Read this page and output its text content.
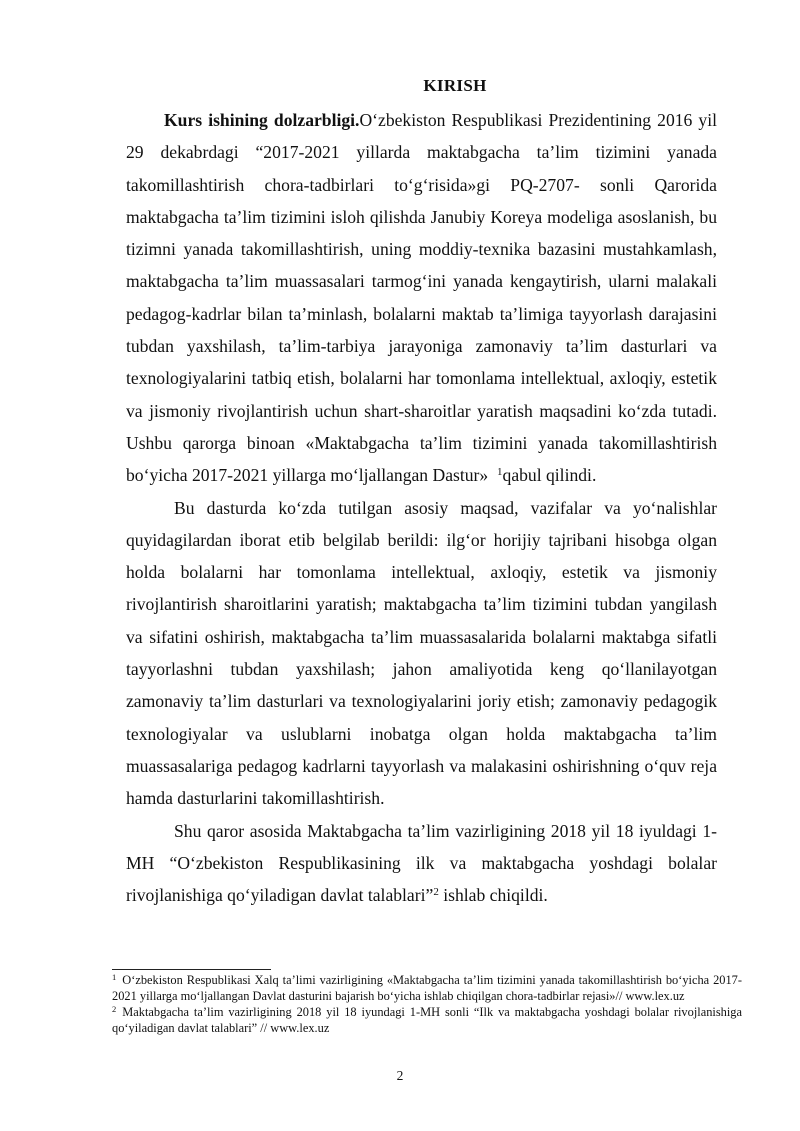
KIRISH

Kurs ishining dolzarbligi.O‘zbekiston Respublikasi Prezidentining 2016 yil 29 dekabrdagi “2017-2021 yillarda maktabgacha ta’lim tizimini yanada takomillashtirish chora-tadbirlari to‘g‘risida»gi PQ-2707- sonli Qarorida maktabgacha ta’lim tizimini isloh qilishda Janubiy Koreya modeliga asoslanish, bu tizimni yanada takomillashtirish, uning moddiy-texnika bazasini mustahkamlash, maktabgacha ta’lim muassasalari tarmog‘ini yanada kengaytirish, ularni malakali pedagog-kadrlar bilan ta’minlash, bolalarni maktab ta’limiga tayyorlash darajasini tubdan yaxshilash, ta’lim-tarbiya jarayoniga zamonaviy ta’lim dasturlari va texnologiyalarini tatbiq etish, bolalarni har tomonlama intellektual, axloqiy, estetik va jismoniy rivojlantirish uchun shart-sharoitlar yaratish maqsadini ko‘zda tutadi. Ushbu qarorga binoan «Maktabgacha ta’lim tizimini yanada takomillashtirish bo‘yicha 2017-2021 yillarga mo‘ljallangan Dastur» $^1$qabul qilindi.

Bu dasturda ko‘zda tutilgan asosiy maqsad, vazifalar va yo‘nalishlar quyidagilardan iborat etib belgilab berildi: ilg‘or horijiy tajribani hisobga olgan holda bolalarni har tomonlama intellektual, axloqiy, estetik va jismoniy rivojlantirish sharoitlarini yaratish; maktabgacha ta’lim tizimini tubdan yangilash va sifatini oshirish, maktabgacha ta’lim muassasalarida bolalarni maktabga sifatli tayyorlashni tubdan yaxshilash; jahon amaliyotida keng qo‘llanilayotgan zamonaviy ta’lim dasturlari va texnologiyalarini joriy etish; zamonaviy pedagogik texnologiyalar va uslublarni inobatga olgan holda maktabgacha ta’lim muassasalariga pedagog kadrlarni tayyorlash va malakasini oshirishning o‘quv reja hamda dasturlarini takomillashtirish.

Shu qaror asosida Maktabgacha ta’lim vazirligining 2018 yil 18 iyuldagi 1-MH “O‘zbekiston Respublikasining ilk va maktabgacha yoshdagi bolalar rivojlanishiga qo‘yiladigan davlat talablari”$^2$ ishlab chiqildi.

$^1$ O‘zbekiston Respublikasi Xalq ta’limi vazirligining «Maktabgacha ta’lim tizimini yanada takomillashtirish bo‘yicha 2017-2021 yillarga mo‘ljallangan Davlat dasturini bajarish bo‘yicha ishlab chiqilgan chora-tadbirlar rejasi»// www.lex.uz

$^2$ Maktabgacha ta’lim vazirligining 2018 yil 18 iyundagi 1-MH sonli “Ilk va maktabgacha yoshdagi bolalar rivojlanishiga qo‘yiladigan davlat talablari” // www.lex.uz

2
